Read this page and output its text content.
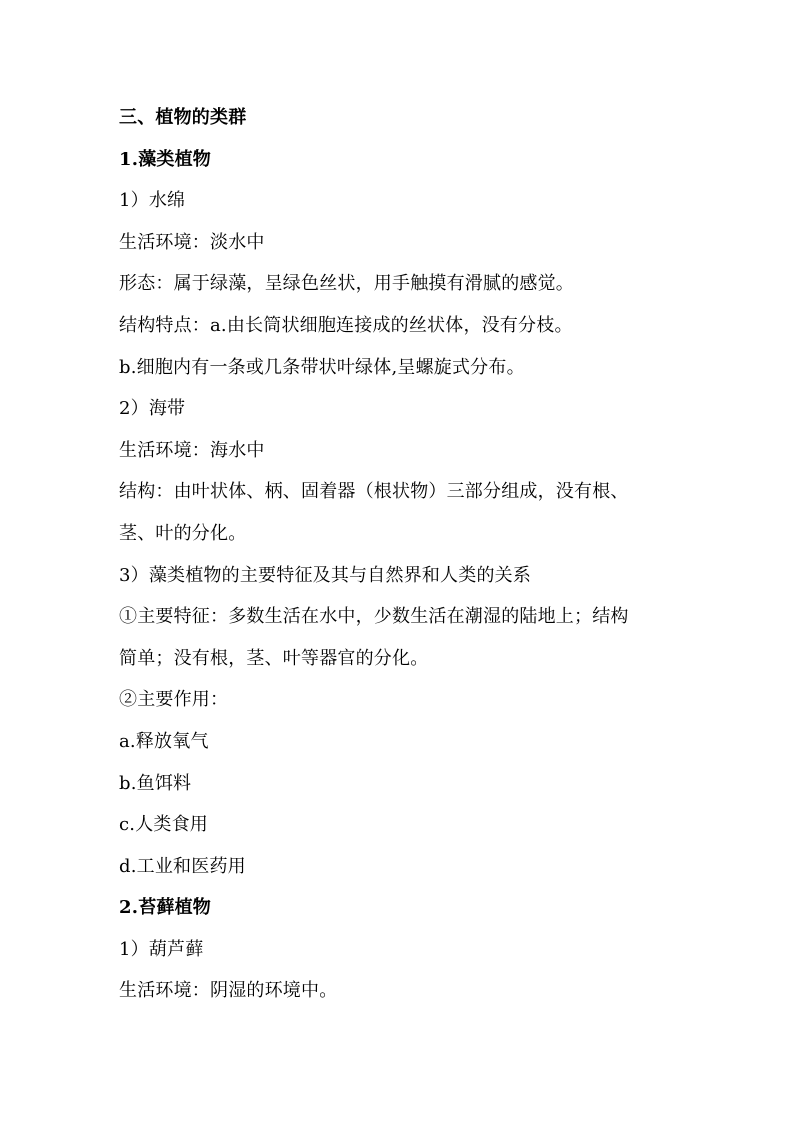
三、植物的类群
1.藻类植物
1）水绵
生活环境：淡水中
形态：属于绿藻，呈绿色丝状，用手触摸有滑腻的感觉。
结构特点：a.由长筒状细胞连接成的丝状体，没有分枝。
b.细胞内有一条或几条带状叶绿体,呈螺旋式分布。
2）海带
生活环境：海水中
结构：由叶状体、柄、固着器（根状物）三部分组成，没有根、
茎、叶的分化。
3）藻类植物的主要特征及其与自然界和人类的关系
①主要特征：多数生活在水中，少数生活在潮湿的陆地上；结构
简单；没有根，茎、叶等器官的分化。
②主要作用：
a.释放氧气
b.鱼饵料
c.人类食用
d.工业和医药用
2.苔藓植物
1）葫芦藓
生活环境：阴湿的环境中。
